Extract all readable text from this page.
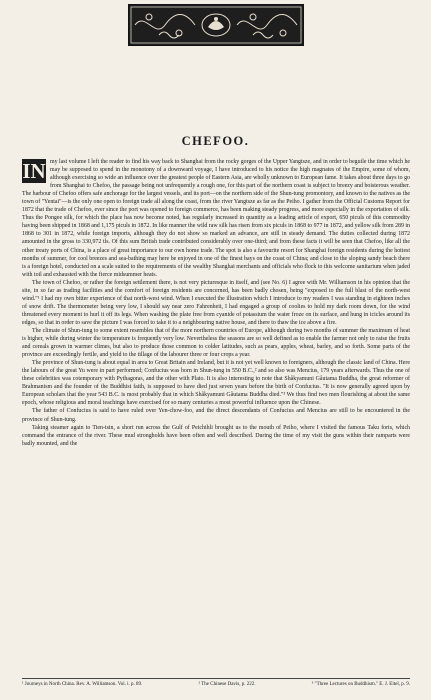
CHEFOO.

IN my last volume I left the reader to find his way back to Shanghai from the rocky gorges of the Upper Yangtsze, and in order to beguile the time which he may be supposed to spend in the monotony of a downward voyage, I have introduced to his notice the high magnates of the Empire, some of whom, although exercising so wide an influence over the greatest people of Eastern Asia, are wholly unknown to European fame. It takes about three days to go from Shanghai to Chefoo, the passage being not unfrequently a rough one, for this part of the northern coast is subject to breezy and boisterous weather. The harbour of Chefoo offers safe anchorage for the largest vessels, and its port—on the northern side of the Shun-tung promontory, and known to the natives as the town of "Yentai"—is the only one open to foreign trade all along the coast, from the river Yangtsze as far as the Peiho. I gather from the Official Customs Report for 1872 that the trade of Chefoo, ever since the port was opened to foreign commerce, has been making steady progress, and more especially in the exportation of silk. Thus the Pongee silk, for which the place has now become noted, has regularly increased in quantity as a leading article of export, 650 piculs of this commodity having been shipped in 1868 and 1,175 piculs in 1872. In like manner the wild raw silk has risen from six piculs in 1868 to 977 in 1872, and yellow silk from 289 in 1868 to 301 in 1872, while foreign imports, although they do not show so marked an advance, are still in steady demand. The duties collected during 1872 amounted in the gross to 330,972 tls. Of this sum British trade contributed considerably over one-third; and from these facts it will be seen that Chefoo, like all the other treaty ports of China, is a place of great importance to our own home trade. The spot is also a favourite resort for Shanghai foreign residents during the hottest months of summer, for cool breezes and sea-bathing may here be enjoyed in one of the finest bays on the coast of China; and close to the sloping sandy beach there is a foreign hotel, conducted on a scale suited to the requirements of the wealthy Shanghai merchants and officials who flock to this welcome sanitarium when jaded with toil and exhausted with the fierce midsummer heats.

The town of Chefoo, or rather the foreign settlement there, is not very picturesque in itself, and (see No. 6) I agree with Mr. Williamson in his opinion that the site, in so far as trading facilities and the comfort of foreign residents are concerned, has been badly chosen, being "exposed to the full blast of the north-west wind."¹ I had my own bitter experience of that north-west wind. When I executed the illustration which I introduce to my readers I was standing in eighteen inches of snow drift. The thermometer being very low, I should say near zero Fahrenheit, I had engaged a group of coolies to hold my dark room down, for the wind threatened every moment to hurl it off its legs. When washing the plate free from cyanide of potassium the water froze on its surface, and hung in icicles around its edges, so that in order to save the picture I was forced to take it to a neighbouring native house, and there to thaw the ice above a fire.

The climate of Shun-tung to some extent resembles that of the more northern countries of Europe, although during two months of summer the maximum of heat is higher, while during winter the temperature is frequently very low. Nevertheless the seasons are so well defined as to enable the farmer not only to raise the fruits and cereals grown in warmer climes, but also to produce those common to colder latitudes, such as pears, apples, wheat, barley, and so forth. Some parts of the province are exceedingly fertile, and yield to the tillage of the labourer three or four crops a year.

The province of Shun-tung is about equal in area to Great Britain and Ireland, but it is not yet well known to foreigners, although the classic land of China. Here the labours of the great Yu were in part performed; Confucius was born in Shun-tung in 550 B.C.,² and so also was Mencius, 179 years afterwards. Thus the one of these celebrities was cotemporary with Pythagoras, and the other with Plato. It is also interesting to note that Shâkyamuni Gâutama Buddha, the great reformer of Brahmanism and the founder of the Buddhist faith, is supposed to have died just seven years before the birth of Confucius. "It is now generally agreed upon by European scholars that the year 543 B.C. is most probably that in which Shâkyamuni Gâutama Buddha died."³ We thus find two men flourishing at about the same epoch, whose religious and moral teachings have exercised for so many centuries a most powerful influence upon the Chinese.

The father of Confucius is said to have ruled over Yen-chow-foo, and the direct descendants of Confucius and Mencius are still to be encountered in the province of Shun-tung.

Taking steamer again to Tien-tsin, a short run across the Gulf of Peichihli brought us to the mouth of Peiho, where I visited the famous Taku forts, which command the entrance of the river. These mud strongholds have been often and well described. During the time of my visit the guns within their ramparts were badly mounted, and the

¹ Journeys in North China. Rev. A. Williamson. Vol. i. p. 89.	² The Chinese Davis, p. 222.	³ "Three Lectures on Buddhism." E. J. Eitel, p. 9.
